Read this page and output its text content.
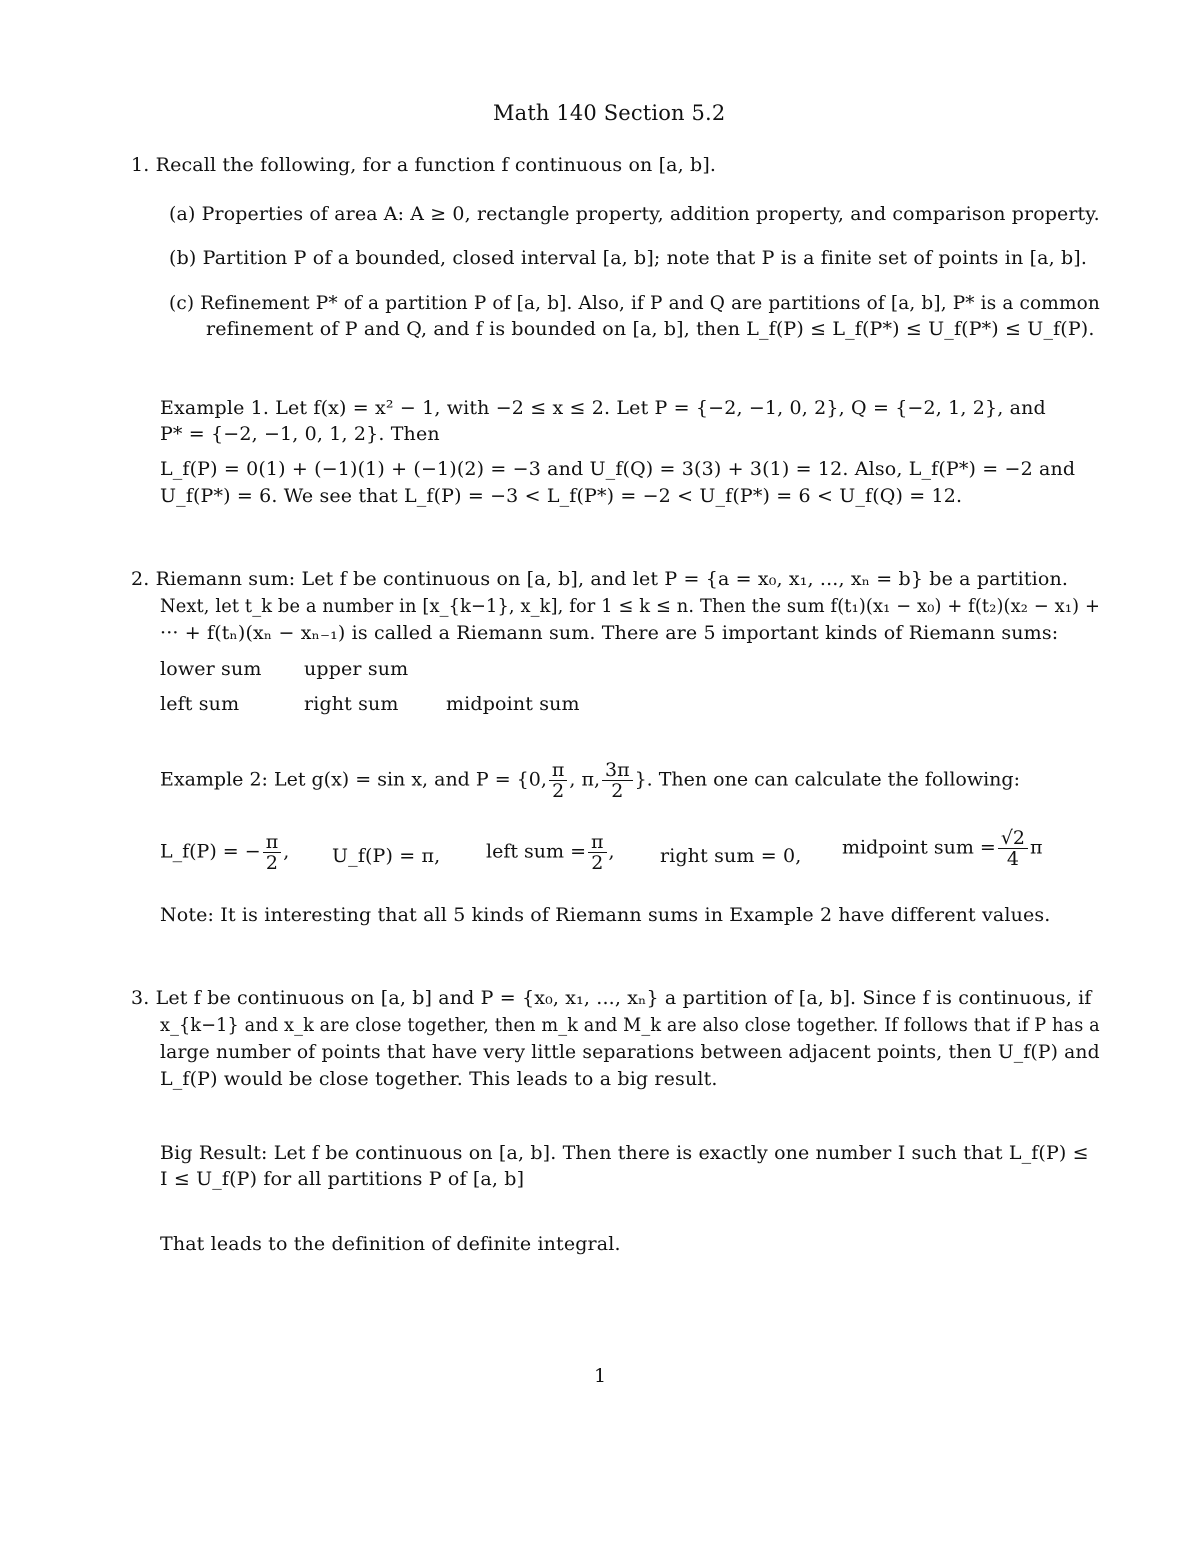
Math 140 Section 5.2
1. Recall the following, for a function f continuous on [a, b].
(a) Properties of area A: A ≥ 0, rectangle property, addition property, and comparison property.
(b) Partition P of a bounded, closed interval [a, b]; note that P is a finite set of points in [a, b].
(c) Refinement P* of a partition P of [a, b]. Also, if P and Q are partitions of [a, b], P* is a common
refinement of P and Q, and f is bounded on [a, b], then L_f(P) ≤ L_f(P*) ≤ U_f(P*) ≤ U_f(P).
Example 1. Let f(x) = x² − 1, with −2 ≤ x ≤ 2. Let P = {−2, −1, 0, 2}, Q = {−2, 1, 2}, and
P* = {−2, −1, 0, 1, 2}. Then
L_f(P) = 0(1) + (−1)(1) + (−1)(2) = −3 and U_f(Q) = 3(3) + 3(1) = 12. Also, L_f(P*) = −2 and
U_f(P*) = 6. We see that L_f(P) = −3 < L_f(P*) = −2 < U_f(P*) = 6 < U_f(Q) = 12.
2. Riemann sum: Let f be continuous on [a, b], and let P = {a = x₀, x₁, ..., xₙ = b} be a partition.
Next, let t_k be a number in [x_{k−1}, x_k], for 1 ≤ k ≤ n. Then the sum f(t₁)(x₁ − x₀) + f(t₂)(x₂ − x₁) +
··· + f(tₙ)(xₙ − xₙ₋₁) is called a Riemann sum. There are 5 important kinds of Riemann sums:
lower sum upper sum
left sum	right sum midpoint sum
Example 2: Let g(x) = sin x, and P = {0, $\frac{\pi}{2}$ , π, $\frac{3\pi}{2}$ }. Then one can calculate the following:
L_f(P) = − $\frac{\pi}{2}$ , U_f(P) = π, left sum = $\frac{\pi}{2}$ , right sum = 0, midpoint sum = $\frac{√2}{4}$ π
Note: It is interesting that all 5 kinds of Riemann sums in Example 2 have different values.
3. Let f be continuous on [a, b] and P = {x₀, x₁, ..., xₙ} a partition of [a, b]. Since f is continuous, if
x_{k−1} and x_k are close together, then m_k and M_k are also close together. If follows that if P has a
large number of points that have very little separations between adjacent points, then U_f(P) and
L_f(P) would be close together. This leads to a big result.
Big Result: Let f be continuous on [a, b]. Then there is exactly one number I such that L_f(P) ≤
I ≤ U_f(P) for all partitions P of [a, b]
That leads to the definition of definite integral.
1
